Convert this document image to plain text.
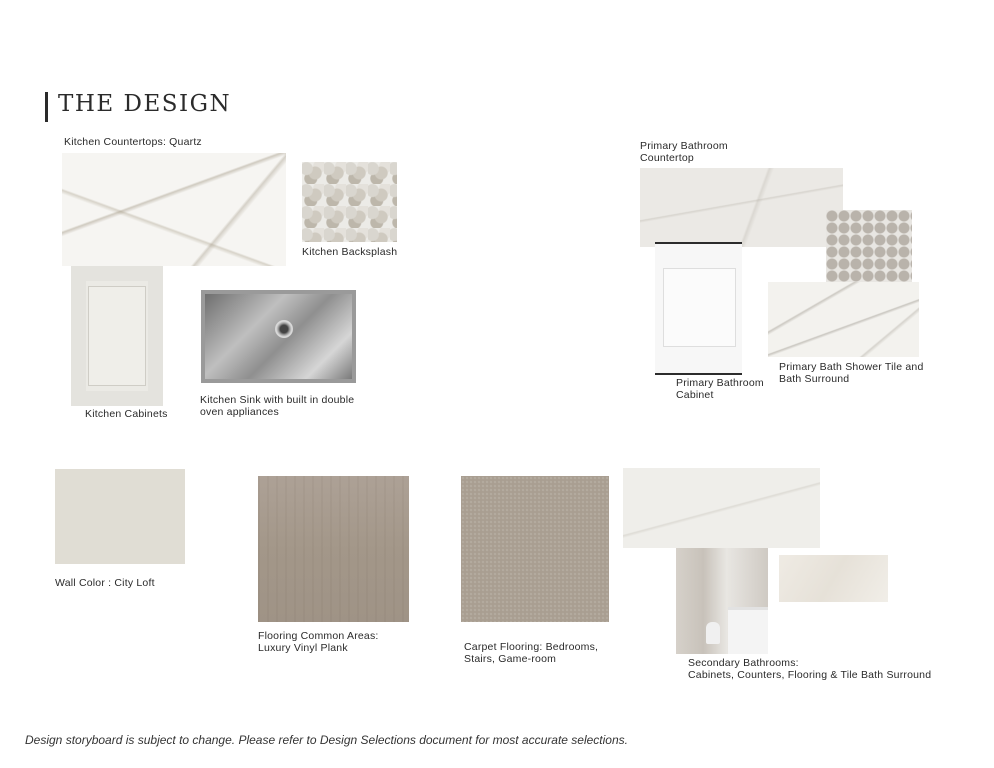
THE DESIGN
Kitchen Countertops: Quartz
Kitchen Backsplash
Kitchen Cabinets
Kitchen Sink with built in double
oven appliances
Primary Bathroom
Countertop
Primary Bathroom
Cabinet
Primary Bath Shower Tile and
Bath Surround
Wall Color : City Loft
Flooring Common Areas:
Luxury Vinyl Plank	Carpet Flooring: Bedrooms,
Stairs, Game-room	Secondary Bathrooms:
Cabinets, Counters, Flooring & Tile Bath Surround
Design storyboard is subject to change. Please refer to Design Selections document for most accurate selections.
